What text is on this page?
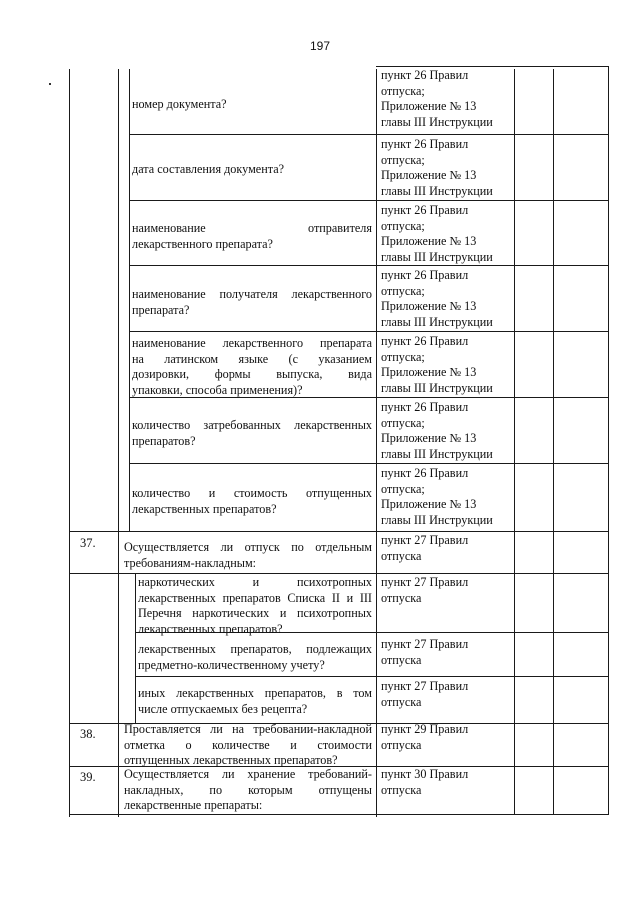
197
номер документа?
пункт 26 Правил
отпуска;
Приложение № 13
главы III Инструкции
дата составления документа?
пункт 26 Правил
отпуска;
Приложение № 13
главы III Инструкции
наименование отправителя
лекарственного препарата?
пункт 26 Правил
отпуска;
Приложение № 13
главы III Инструкции
наименование получателя лекарственного
препарата?
пункт 26 Правил
отпуска;
Приложение № 13
главы III Инструкции
наименование лекарственного препарата
на латинском языке (с указанием
дозировки, формы выпуска, вида
упаковки, способа применения)?
пункт 26 Правил
отпуска;
Приложение № 13
главы III Инструкции
количество затребованных лекарственных
препаратов?
пункт 26 Правил
отпуска;
Приложение № 13
главы III Инструкции
количество и стоимость отпущенных
лекарственных препаратов?
пункт 26 Правил
отпуска;
Приложение № 13
главы III Инструкции
37. Осуществляется ли отпуск по отдельным
требованиям-накладным:
пункт 27 Правил
отпуска
наркотических и психотропных
лекарственных препаратов Списка II и III
Перечня наркотических и психотропных
лекарственных препаратов?
пункт 27 Правил
отпуска
лекарственных препаратов, подлежащих
предметно-количественному учету?
пункт 27 Правил
отпуска
иных лекарственных препаратов, в том
числе отпускаемых без рецепта?
пункт 27 Правил
отпуска
38. Проставляется ли на требовании-накладной
отметка о количестве и стоимости
отпущенных лекарственных препаратов?
пункт 29 Правил
отпуска
39. Осуществляется ли хранение требований-
накладных, по которым отпущены
лекарственные препараты:
пункт 30 Правил
отпуска
